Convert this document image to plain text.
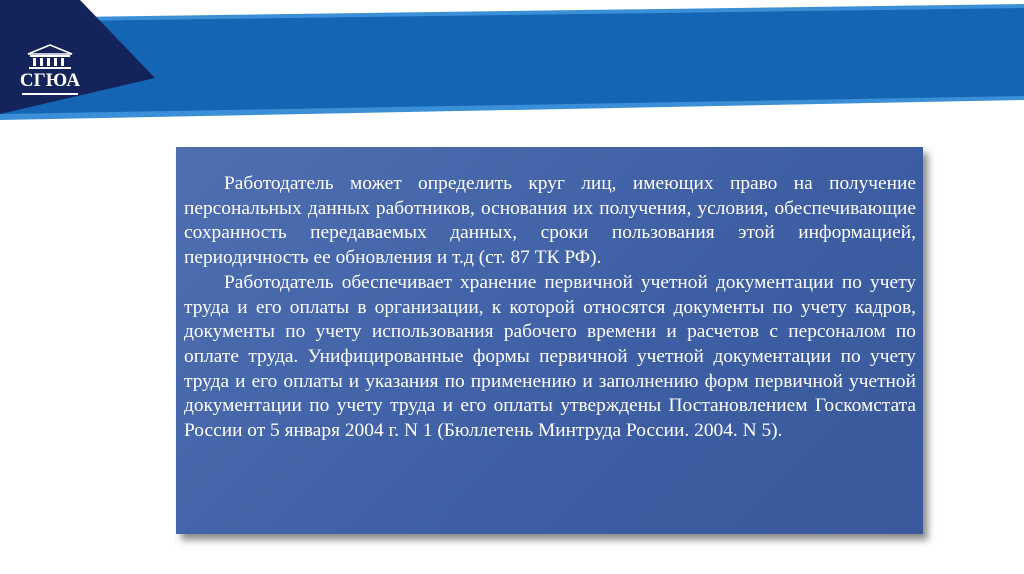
СГЮА

Работодатель может определить круг лиц, имеющих право на получение персональных данных работников, основания их получения, условия, обеспечивающие сохранность передаваемых данных, сроки пользования этой информацией, периодичность ее обновления и т.д (ст. 87 ТК РФ).

Работодатель обеспечивает хранение первичной учетной документации по учету труда и его оплаты в организации, к которой относятся документы по учету кадров, документы по учету использования рабочего времени и расчетов с персоналом по оплате труда. Унифицированные формы первичной учетной документации по учету труда и его оплаты и указания по применению и заполнению форм первичной учетной документации по учету труда и его оплаты утверждены Постановлением Госкомстата России от 5 января 2004 г. N 1 (Бюллетень Минтруда России. 2004. N 5).
